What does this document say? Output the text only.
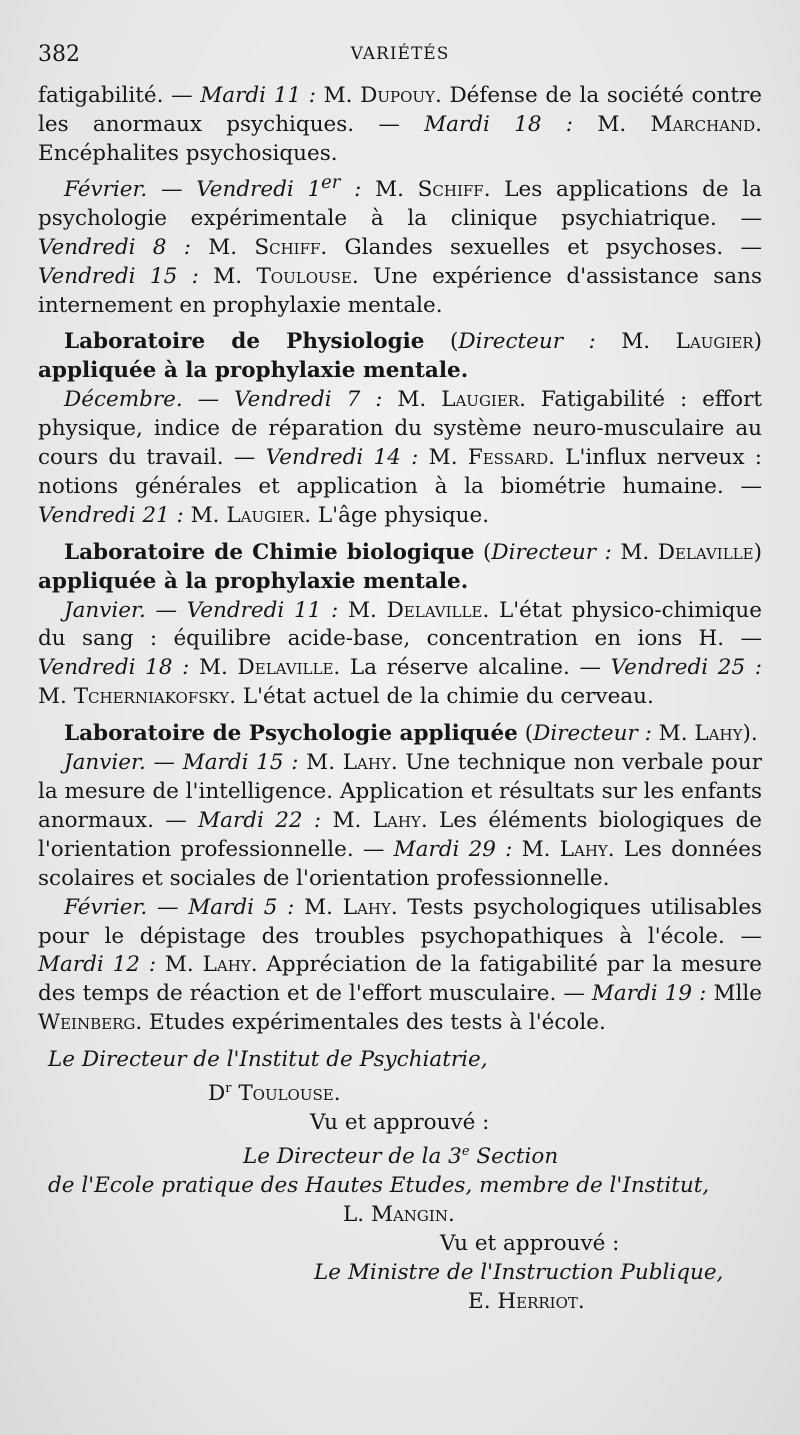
382	VARIÉTÉS

fatigabilité. — Mardi 11 : M. Dupouy. Défense de la société contre les anormaux psychiques. — Mardi 18 : M. Marchand. Encéphalites psychosiques.

Février. — Vendredi 1er : M. Schiff. Les applications de la psychologie expérimentale à la clinique psychiatrique. — Vendredi 8 : M. Schiff. Glandes sexuelles et psychoses. — Vendredi 15 : M. Toulouse. Une expérience d'assistance sans internement en prophylaxie mentale.

Laboratoire de Physiologie (Directeur : M. Laugier) appliquée à la prophylaxie mentale.

Décembre. — Vendredi 7 : M. Laugier. Fatigabilité : effort physique, indice de réparation du système neuro-musculaire au cours du travail. — Vendredi 14 : M. Fessard. L'influx nerveux : notions générales et application à la biométrie humaine. — Vendredi 21 : M. Laugier. L'âge physique.

Laboratoire de Chimie biologique (Directeur : M. Delaville) appliquée à la prophylaxie mentale.

Janvier. — Vendredi 11 : M. Delaville. L'état physico-chimique du sang : équilibre acide-base, concentration en ions H. — Vendredi 18 : M. Delaville. La réserve alcaline. — Vendredi 25 : M. Tcherniakofsky. L'état actuel de la chimie du cerveau.

Laboratoire de Psychologie appliquée (Directeur : M. Lahy).

Janvier. — Mardi 15 : M. Lahy. Une technique non verbale pour la mesure de l'intelligence. Application et résultats sur les enfants anormaux. — Mardi 22 : M. Lahy. Les éléments biologiques de l'orientation professionnelle. — Mardi 29 : M. Lahy. Les données scolaires et sociales de l'orientation professionnelle.

Février. — Mardi 5 : M. Lahy. Tests psychologiques utilisables pour le dépistage des troubles psychopathiques à l'école. — Mardi 12 : M. Lahy. Appréciation de la fatigabilité par la mesure des temps de réaction et de l'effort musculaire. — Mardi 19 : Mlle Weinberg. Etudes expérimentales des tests à l'école.

Le Directeur de l'Institut de Psychiatrie,
$D^r$ Toulouse.
Vu et approuvé :
Le Directeur de la 3e Section
de l'Ecole pratique des Hautes Etudes, membre de l'Institut,
L. Mangin.
Vu et approuvé :
Le Ministre de l'Instruction Publique,
E. Herriot.
